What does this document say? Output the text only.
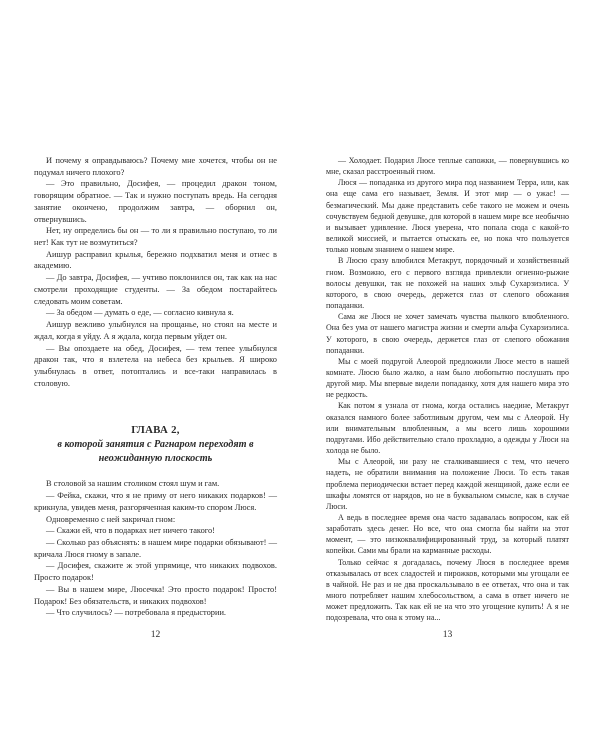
И почему я оправдываюсь? Почему мне хочется, чтобы он не подумал ничего плохого?

— Это правильно, Досифея, — процедил дракон тоном, говорящим обратное. — Так и нужно поступать вредь. На сегодня занятие окончено, продолжим завтра, — оборнил он, отвернувшись.

Нет, ну определись бы он — то ли я правильно поступаю, то ли нет! Как тут не возмутиться?

Аишур расправил крылья, бережно подхватил меня и отнес в академию.

— До завтра, Досифея, — учтиво поклонился он, так как на нас смотрели проходящие студенты. — За обедом постарайтесь следовать моим советам.

— За обедом — думать о еде, — согласно кивнула я.

Аишур вежливо улыбнулся на прощанье, но стоял на месте и ждал, когда я уйду. А я ждала, когда первым уйдет он.

— Вы опоздаете на обед, Досифея, — тем тепее улыбнулся дракон так, что я взлетела на небеса без крыльев. Я широко улыбнулась в ответ, потоптались и все-таки направилась в столовую.

ГЛАВА 2,
в которой занятия с Рагнаром переходят в неожиданную плоскость

В столовой за нашим столиком стоял шум и гам.

— Фейка, скажи, что я не приму от него никаких подарков! — крикнула, увидев меня, разгоряченная каким-то спором Люся.

Одновременно с ней закричал гном:

— Скажи ей, что в подарках нет ничего такого!

— Сколько раз объяснять: в нашем мире подарки обязывают! — кричала Люся гному в запале.

— Досифея, скажите ж этой упрямице, что никаких подвохов. Просто подарок!

— Вы в нашем мире, Люсечка! Это просто подарок! Просто! Подарок! Без обязательств, и никаких подвохов!

— Что случилось? — потребовала я предыстории.

— Холодает. Подарил Люсе теплые сапожки, — повернувшись ко мне, сказал расстроенный гном.

Люся — попаданка из другого мира под названием Терра, или, как она еще сама его называет, Земля. И этот мир — о ужас! — безмагический. Мы даже представить себе такого не можем и очень сочувствуем бедной девушке, для которой в нашем мире все необычно и вызывает удивление. Люся уверена, что попала сюда с какой-то великой миссией, и пытается отыскать ее, но пока что пользуется только новым знанием о нашем мире.

В Люсю сразу влюбился Метакрут, порядочный и хозяйственный гном. Возможно, его с первого взгляда привлекли огненно-рыжие волосы девушки, так не похожей на наших эльф Сухарзиэлиса. У которого, в свою очередь, держется глаз от слепого обожания попаданки.

Сама же Люся не хочет замечать чувства пылкого влюбленного. Она без ума от нашего магистра жизни и смерти альфа Сухарзиэлиса. У которого, в свою очередь, держется глаз от слепого обожания попаданки.

Мы с моей подругой Алеорой предложили Люсе место в нашей комнате. Люсю было жалко, а нам было любопытно послушать про другой мир. Мы впервые видели попаданку, хотя для нашего мира это не редкость.

Как потом я узнала от гнома, когда остались наедине, Метакрут оказался намного более заботливым другом, чем мы с Алеорой. Ну или внимательным влюбленным, а мы всего лишь хорошими подругами. Ибо действительно стало прохладно, а одежды у Люси на холода не было.

Мы с Алеорой, ни разу не сталкивавшиеся с тем, что нечего надеть, не обратили внимания на положение Люси. То есть такая проблема периодически встает перед каждой женщиной, даже если ее шкафы ломятся от нарядов, но не в буквальном смысле, как в случае Люси.

А ведь в последнее время она часто задавалась вопросом, как ей заработать здесь денег. Но все, что она смогла бы найти на этот момент, — это низкоквалифицированный труд, за который платят копейки. Сами мы брали на карманные расходы.

Только сейчас я догадалась, почему Люся в последнее время отказывалась от всех сладостей и пирожков, которыми мы угощали ее в чайной. Не раз и не два проскальзывало в ее ответах, что она и так много потребляет нашим хлебосольством, а сама в ответ ничего не может предложить. Так как ей не на что это угощение купить! А я не подозревала, что она к этому на...

12	13
